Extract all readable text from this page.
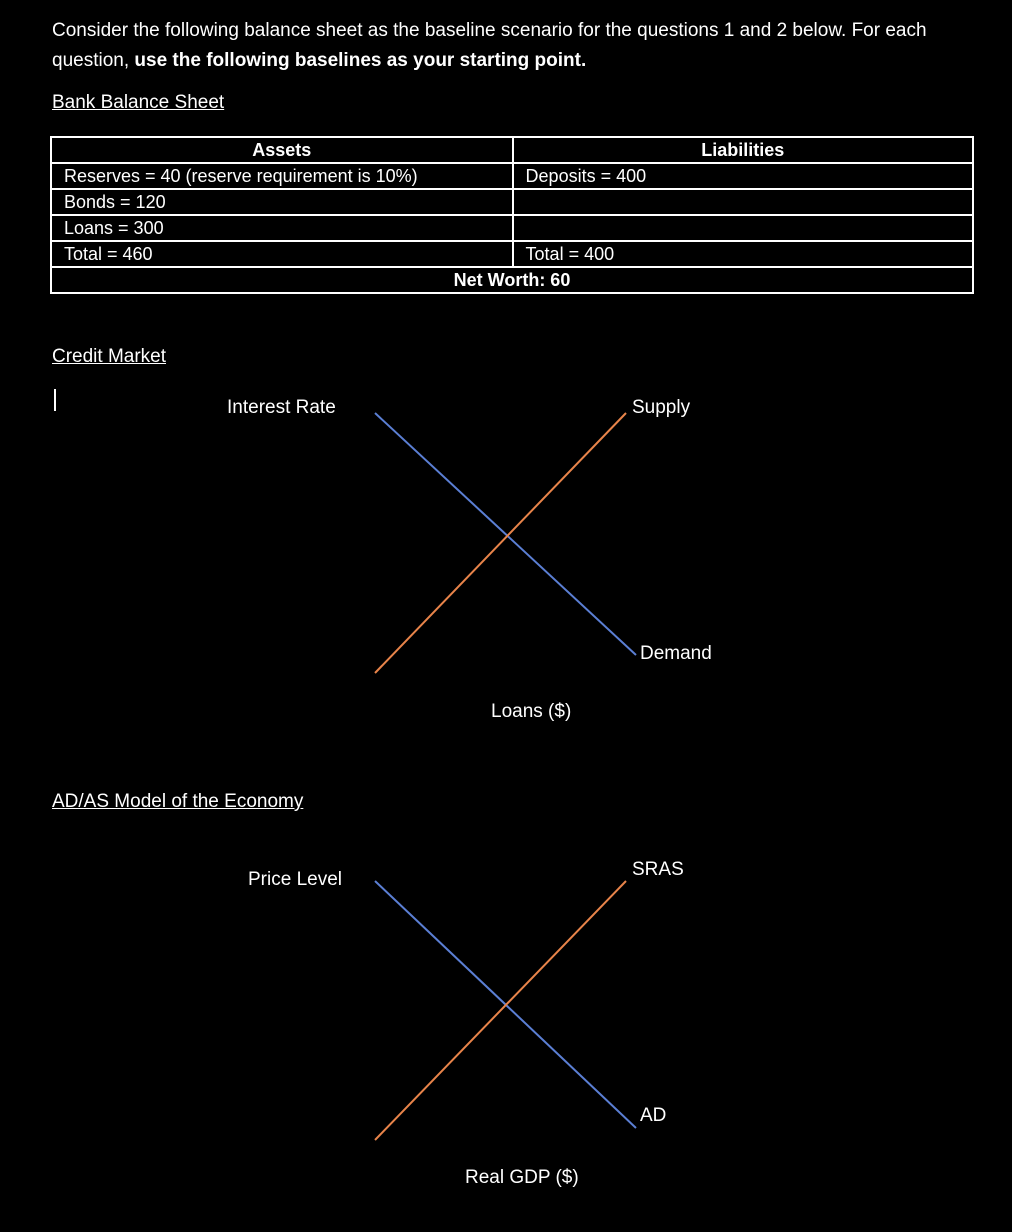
Consider the following balance sheet as the baseline scenario for the questions 1 and 2 below. For each question, use the following baselines as your starting point.
Bank Balance Sheet
Assets	Liabilities
Reserves = 40 (reserve requirement is 10%)	Deposits = 400
Bonds = 120	
Loans = 300	
Total = 460	Total = 400
Net Worth: 60	
Credit Market
Interest Rate	Supply
Demand
Loans ($)
AD/AS Model of the Economy
Price Level	SRAS
AD
Real GDP ($)
